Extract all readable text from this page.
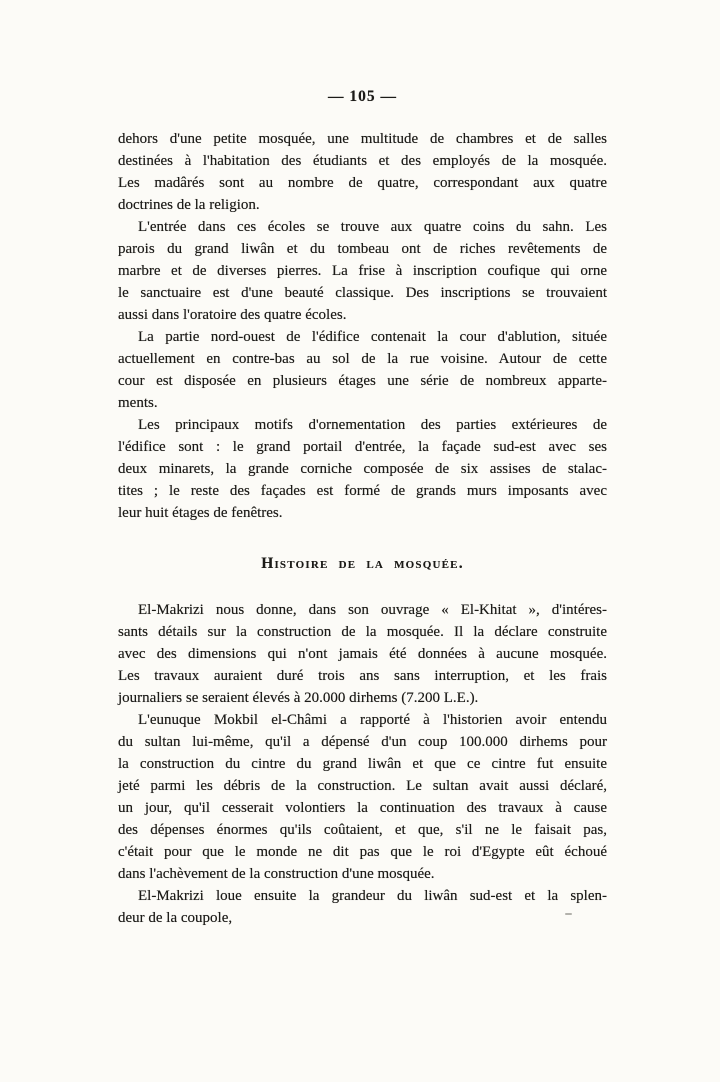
— 105 —
dehors d'une petite mosquée, une multitude de chambres et de salles
destinées à l'habitation des étudiants et des employés de la mosquée.
Les madârés sont au nombre de quatre, correspondant aux quatre
doctrines de la religion.
L'entrée dans ces écoles se trouve aux quatre coins du sahn. Les
parois du grand liwân et du tombeau ont de riches revêtements de
marbre et de diverses pierres. La frise à inscription coufique qui orne
le sanctuaire est d'une beauté classique. Des inscriptions se trouvaient
aussi dans l'oratoire des quatre écoles.
La partie nord-ouest de l'édifice contenait la cour d'ablution, située
actuellement en contre-bas au sol de la rue voisine. Autour de cette
cour est disposée en plusieurs étages une série de nombreux apparte-
ments.
Les principaux motifs d'ornementation des parties extérieures de
l'édifice sont : le grand portail d'entrée, la façade sud-est avec ses
deux minarets, la grande corniche composée de six assises de stalac-
tites ; le reste des façades est formé de grands murs imposants avec
leur huit étages de fenêtres.
Histoire de la mosquée.
El-Makrizi nous donne, dans son ouvrage « El-Khitat », d'intéres-
sants détails sur la construction de la mosquée. Il la déclare construite
avec des dimensions qui n'ont jamais été données à aucune mosquée.
Les travaux auraient duré trois ans sans interruption, et les frais
journaliers se seraient élevés à 20.000 dirhems (7.200 L.E.).
L'eunuque Mokbil el-Châmi a rapporté à l'historien avoir entendu
du sultan lui-même, qu'il a dépensé d'un coup 100.000 dirhems pour
la construction du cintre du grand liwân et que ce cintre fut ensuite
jeté parmi les débris de la construction. Le sultan avait aussi déclaré,
un jour, qu'il cesserait volontiers la continuation des travaux à cause
des dépenses énormes qu'ils coûtaient, et que, s'il ne le faisait pas,
c'était pour que le monde ne dit pas que le roi d'Egypte eût échoué
dans l'achèvement de la construction d'une mosquée.
El-Makrizi loue ensuite la grandeur du liwân sud-est et la splen-
deur de la coupole,
